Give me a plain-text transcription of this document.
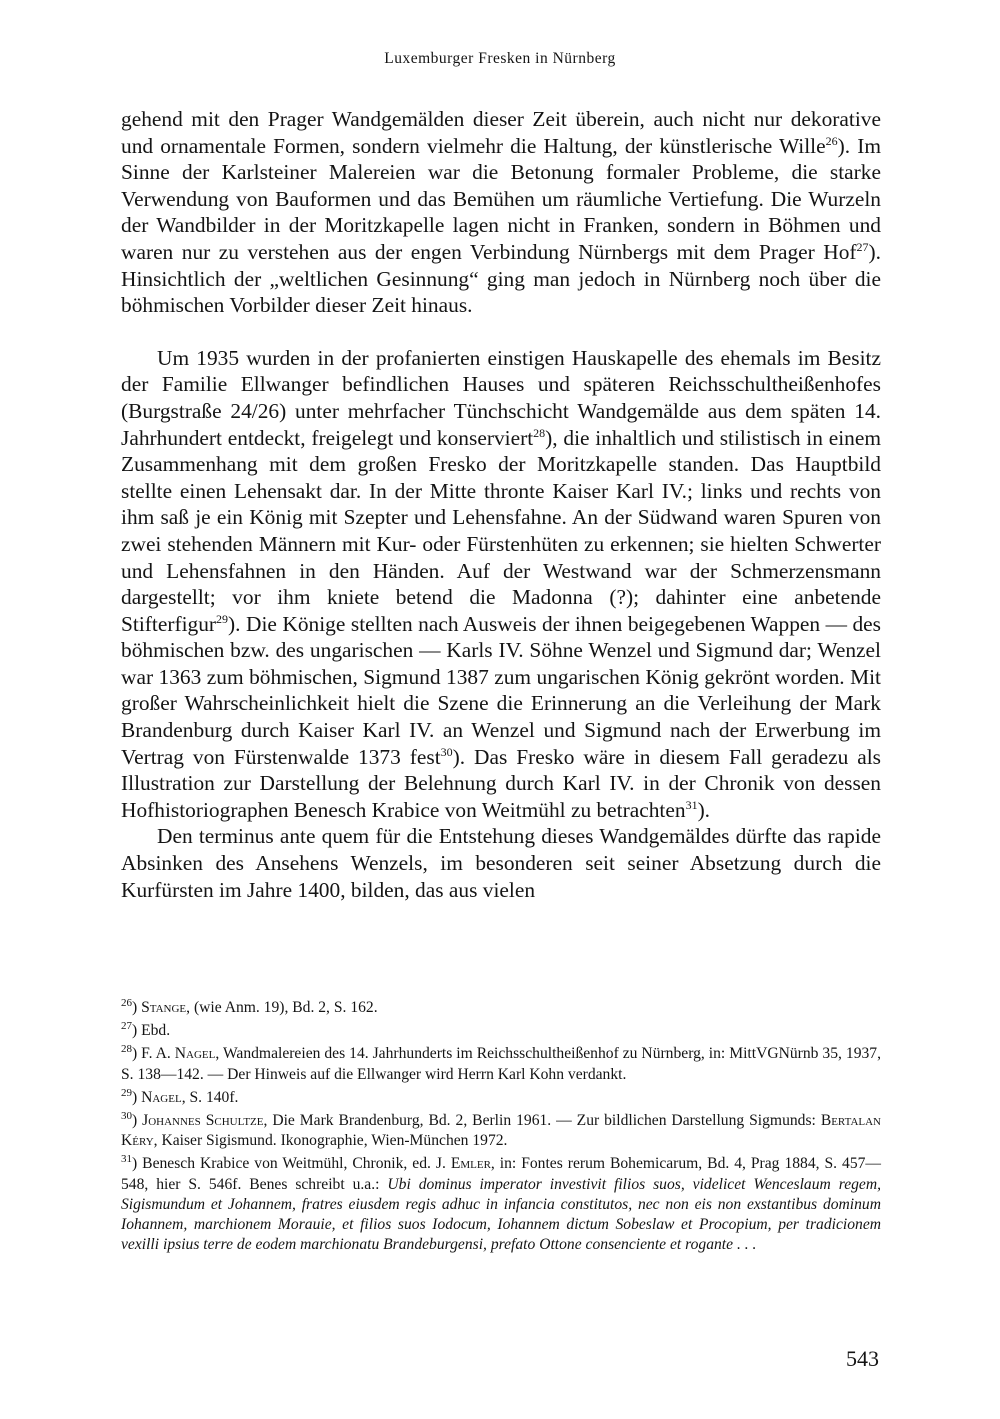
Luxemburger Fresken in Nürnberg

gehend mit den Prager Wandgemälden dieser Zeit überein, auch nicht nur dekorative und ornamentale Formen, sondern vielmehr die Haltung, der künstlerische Wille$^{26}$). Im Sinne der Karlsteiner Malereien war die Betonung formaler Probleme, die starke Verwendung von Bauformen und das Bemühen um räumliche Vertiefung. Die Wurzeln der Wandbilder in der Moritzkapelle lagen nicht in Franken, sondern in Böhmen und waren nur zu verstehen aus der engen Verbindung Nürnbergs mit dem Prager Hof$^{27}$). Hinsichtlich der „weltlichen Gesinnung“ ging man jedoch in Nürnberg noch über die böhmischen Vorbilder dieser Zeit hinaus.

Um 1935 wurden in der profanierten einstigen Hauskapelle des ehemals im Besitz der Familie Ellwanger befindlichen Hauses und späteren Reichsschultheißenhofes (Burgstraße 24/26) unter mehrfacher Tünchschicht Wandgemälde aus dem späten 14. Jahrhundert entdeckt, freigelegt und konserviert$^{28}$), die inhaltlich und stilistisch in einem Zusammenhang mit dem großen Fresko der Moritzkapelle standen. Das Hauptbild stellte einen Lehensakt dar. In der Mitte thronte Kaiser Karl IV.; links und rechts von ihm saß je ein König mit Szepter und Lehensfahne. An der Südwand waren Spuren von zwei stehenden Männern mit Kur- oder Fürstenhüten zu erkennen; sie hielten Schwerter und Lehensfahnen in den Händen. Auf der Westwand war der Schmerzensmann dargestellt; vor ihm kniete betend die Madonna (?); dahinter eine anbetende Stifterfigur$^{29}$). Die Könige stellten nach Ausweis der ihnen beigegebenen Wappen — des böhmischen bzw. des ungarischen — Karls IV. Söhne Wenzel und Sigmund dar; Wenzel war 1363 zum böhmischen, Sigmund 1387 zum ungarischen König gekrönt worden. Mit großer Wahrscheinlichkeit hielt die Szene die Erinnerung an die Verleihung der Mark Brandenburg durch Kaiser Karl IV. an Wenzel und Sigmund nach der Erwerbung im Vertrag von Fürstenwalde 1373 fest$^{30}$). Das Fresko wäre in diesem Fall geradezu als Illustration zur Darstellung der Belehnung durch Karl IV. in der Chronik von dessen Hofhistoriographen Benesch Krabice von Weitmühl zu betrachten$^{31}$).

Den terminus ante quem für die Entstehung dieses Wandgemäldes dürfte das rapide Absinken des Ansehens Wenzels, im besonderen seit seiner Absetzung durch die Kurfürsten im Jahre 1400, bilden, das aus vielen

$^{26}$) Stange, (wie Anm. 19), Bd. 2, S. 162.
$^{27}$) Ebd.
$^{28}$) F. A. Nagel, Wandmalereien des 14. Jahrhunderts im Reichsschultheißenhof zu Nürnberg, in: MittVGNürnb 35, 1937, S. 138—142. — Der Hinweis auf die Ellwanger wird Herrn Karl Kohn verdankt.
$^{29}$) Nagel, S. 140f.
$^{30}$) Johannes Schultze, Die Mark Brandenburg, Bd. 2, Berlin 1961. — Zur bildlichen Darstellung Sigmunds: Bertalan Kéry, Kaiser Sigismund. Ikonographie, Wien-München 1972.
$^{31}$) Benesch Krabice von Weitmühl, Chronik, ed. J. Emler, in: Fontes rerum Bohemicarum, Bd. 4, Prag 1884, S. 457—548, hier S. 546f. Benes schreibt u.a.: Ubi dominus imperator investivit filios suos, videlicet Wenceslaum regem, Sigismundum et Johannem, fratres eiusdem regis adhuc in infancia constitutos, nec non eis non exstantibus dominum Iohannem, marchionem Morauie, et filios suos Iodocum, Iohannem dictum Sobeslaw et Procopium, per tradicionem vexilli ipsius terre de eodem marchionatu Brandeburgensi, prefato Ottone consenciente et rogante . . .
543
